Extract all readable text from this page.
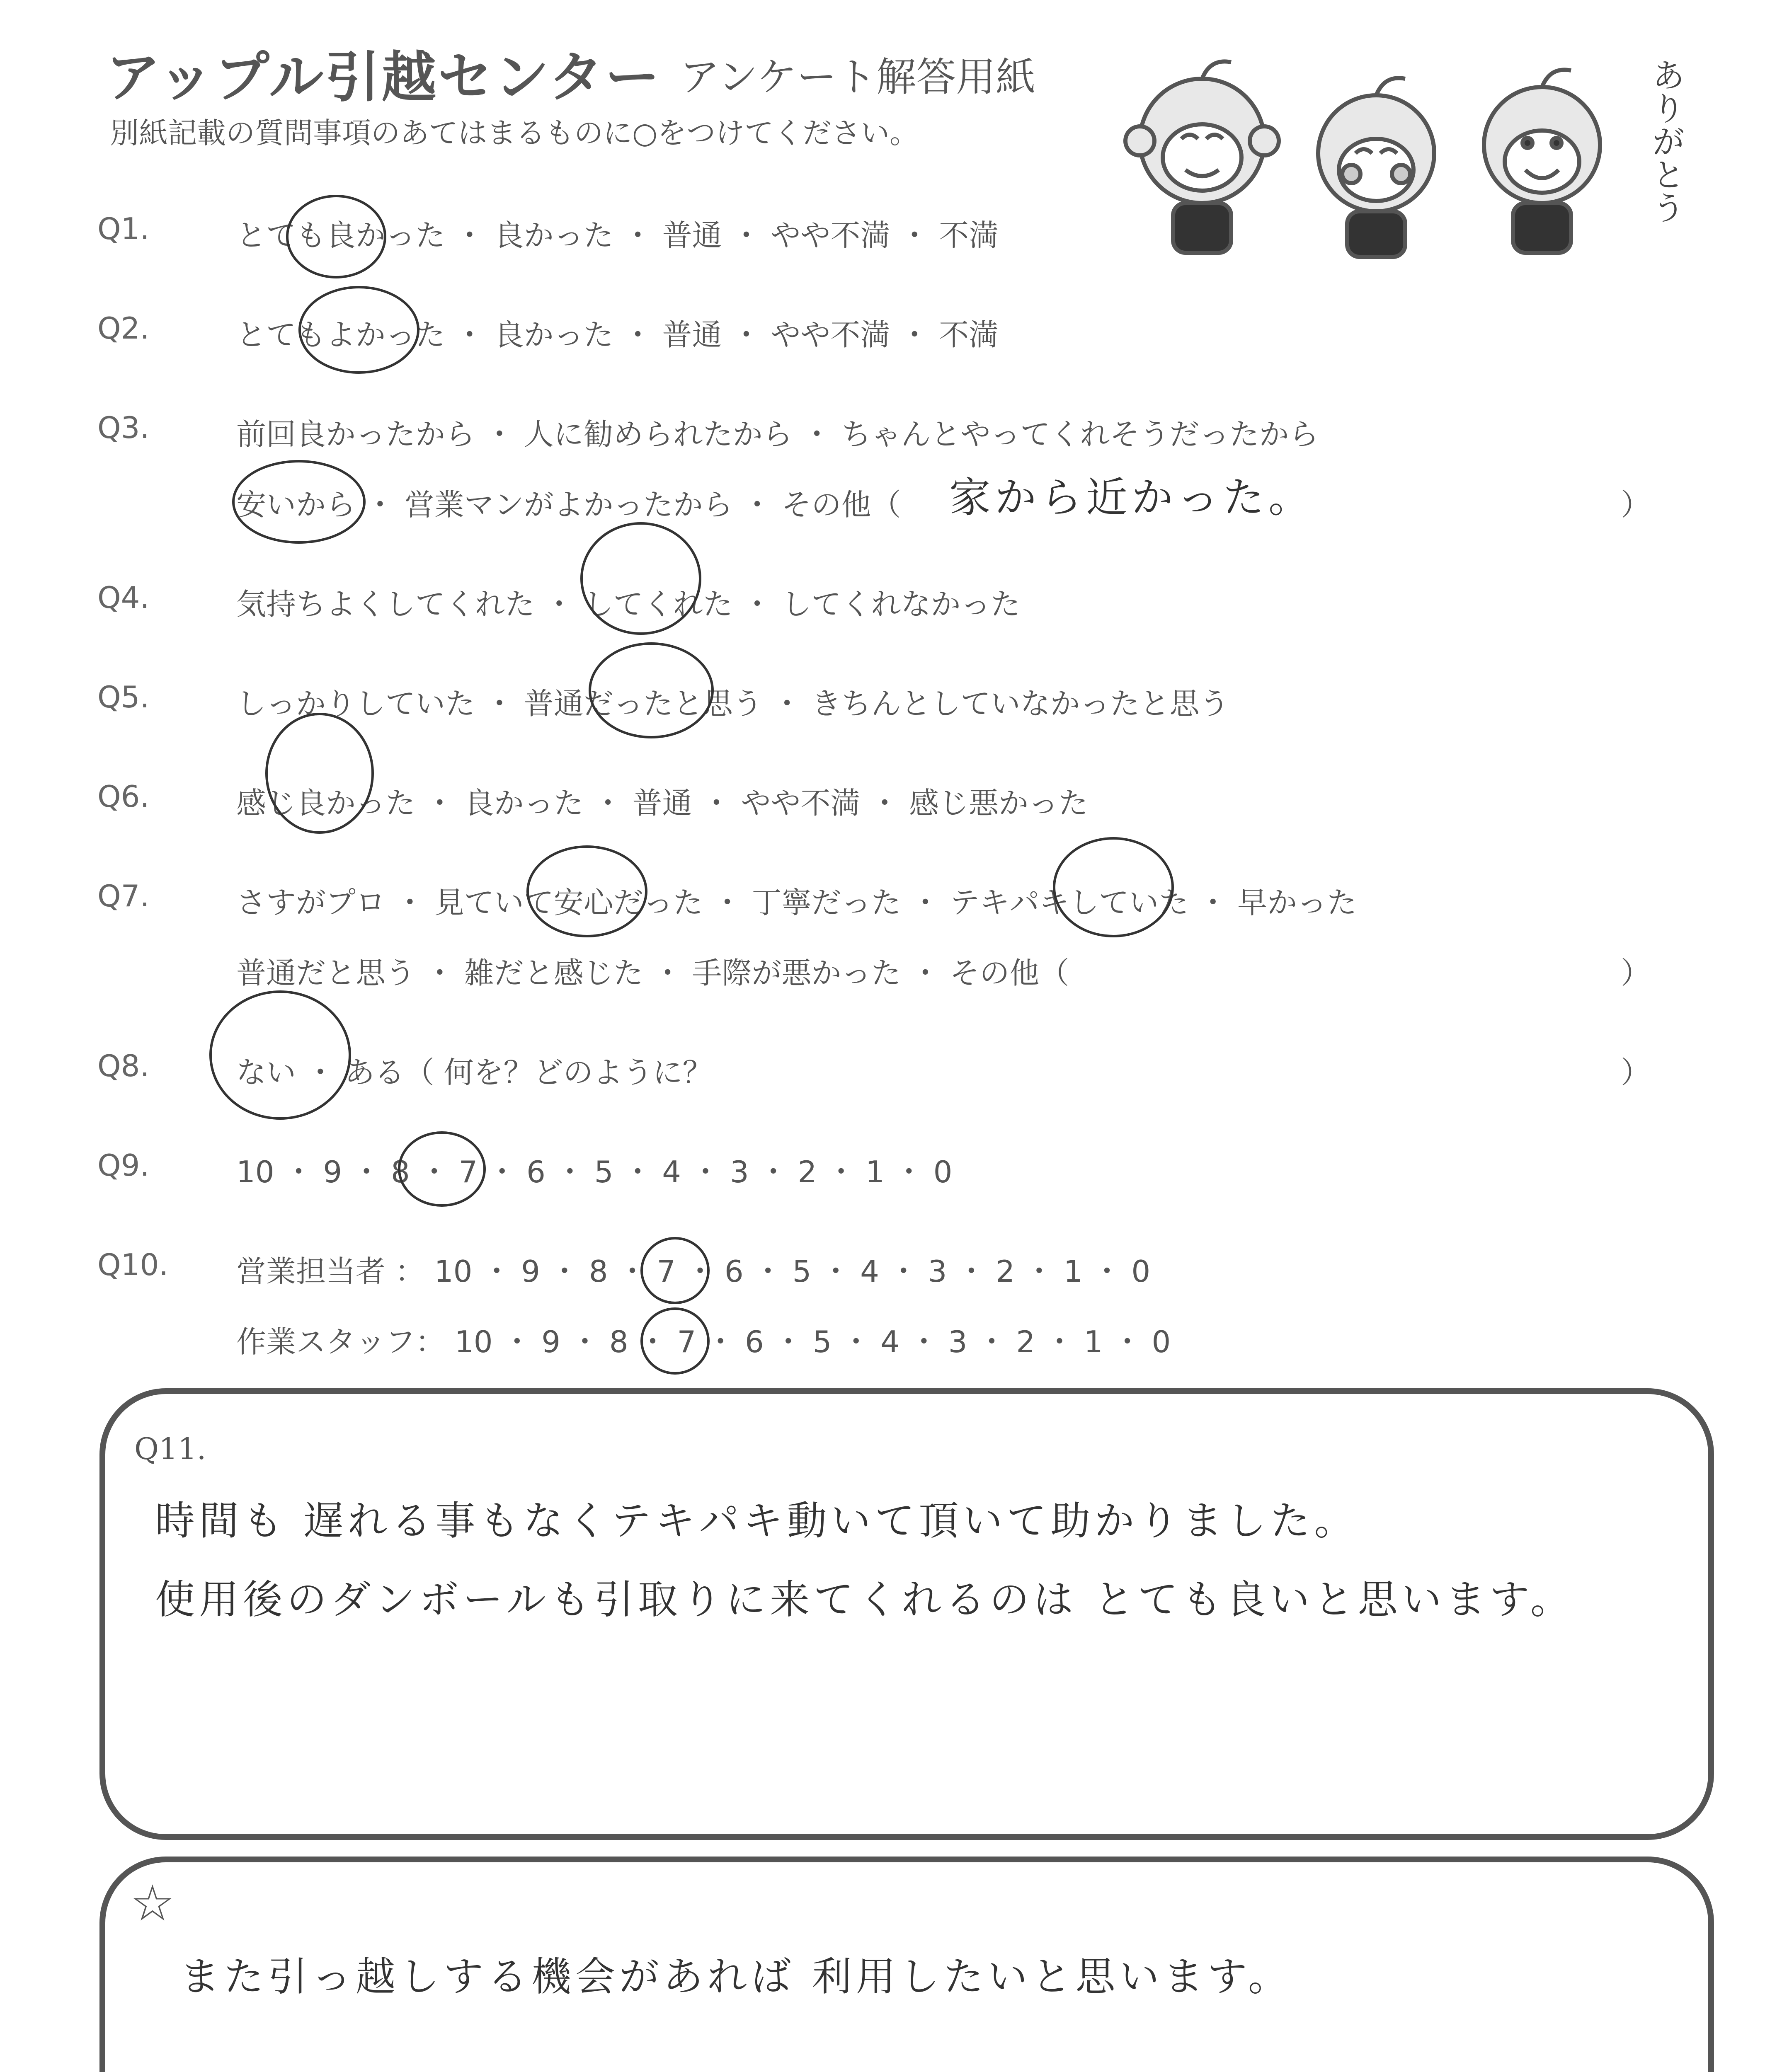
アップル引越センター アンケート解答用紙
別紙記載の質問事項のあてはまるものに○をつけてください。	ありがとう
Q1.	とても良かった ・ 良かった ・ 普通 ・ やや不満 ・ 不満
Q2.	とてもよかった ・ 良かった ・ 普通 ・ やや不満 ・ 不満
Q3.	前回良かったから ・ 人に勧められたから ・ ちゃんとやってくれそうだったから
安いから ・ 営業マンがよかったから ・ その他（ 家から近かった。	）
Q4.	気持ちよくしてくれた ・ してくれた ・ してくれなかった
Q5.	しっかりしていた ・ 普通だったと思う ・ きちんとしていなかったと思う
Q6.	感じ良かった ・ 良かった ・ 普通 ・ やや不満 ・ 感じ悪かった
Q7.	さすがプロ ・ 見ていて安心だった ・ 丁寧だった ・ テキパキしていた ・ 早かった
普通だと思う ・ 雑だと感じた ・ 手際が悪かった ・ その他（	）
Q8.	ない ・ ある（ 何を？どのように？	）
Q9.	10 ・ 9 ・ 8 ・ 7 ・ 6 ・ 5 ・ 4 ・ 3 ・ 2 ・ 1 ・ 0
Q10. 営業担当者 ： 10 ・ 9 ・ 8 ・ 7 ・ 6 ・ 5 ・ 4 ・ 3 ・ 2 ・ 1 ・ 0
作業スタッフ： 10 ・ 9 ・ 8 ・ 7 ・ 6 ・ 5 ・ 4 ・ 3 ・ 2 ・ 1 ・ 0
Q11.
時間も 遅れる事もなくテキパキ動いて頂いて助かりました。
使用後のダンボールも引取りに来てくれるのは とても良いと思います。
☆
また引っ越しする機会があれば 利用したいと思います。
